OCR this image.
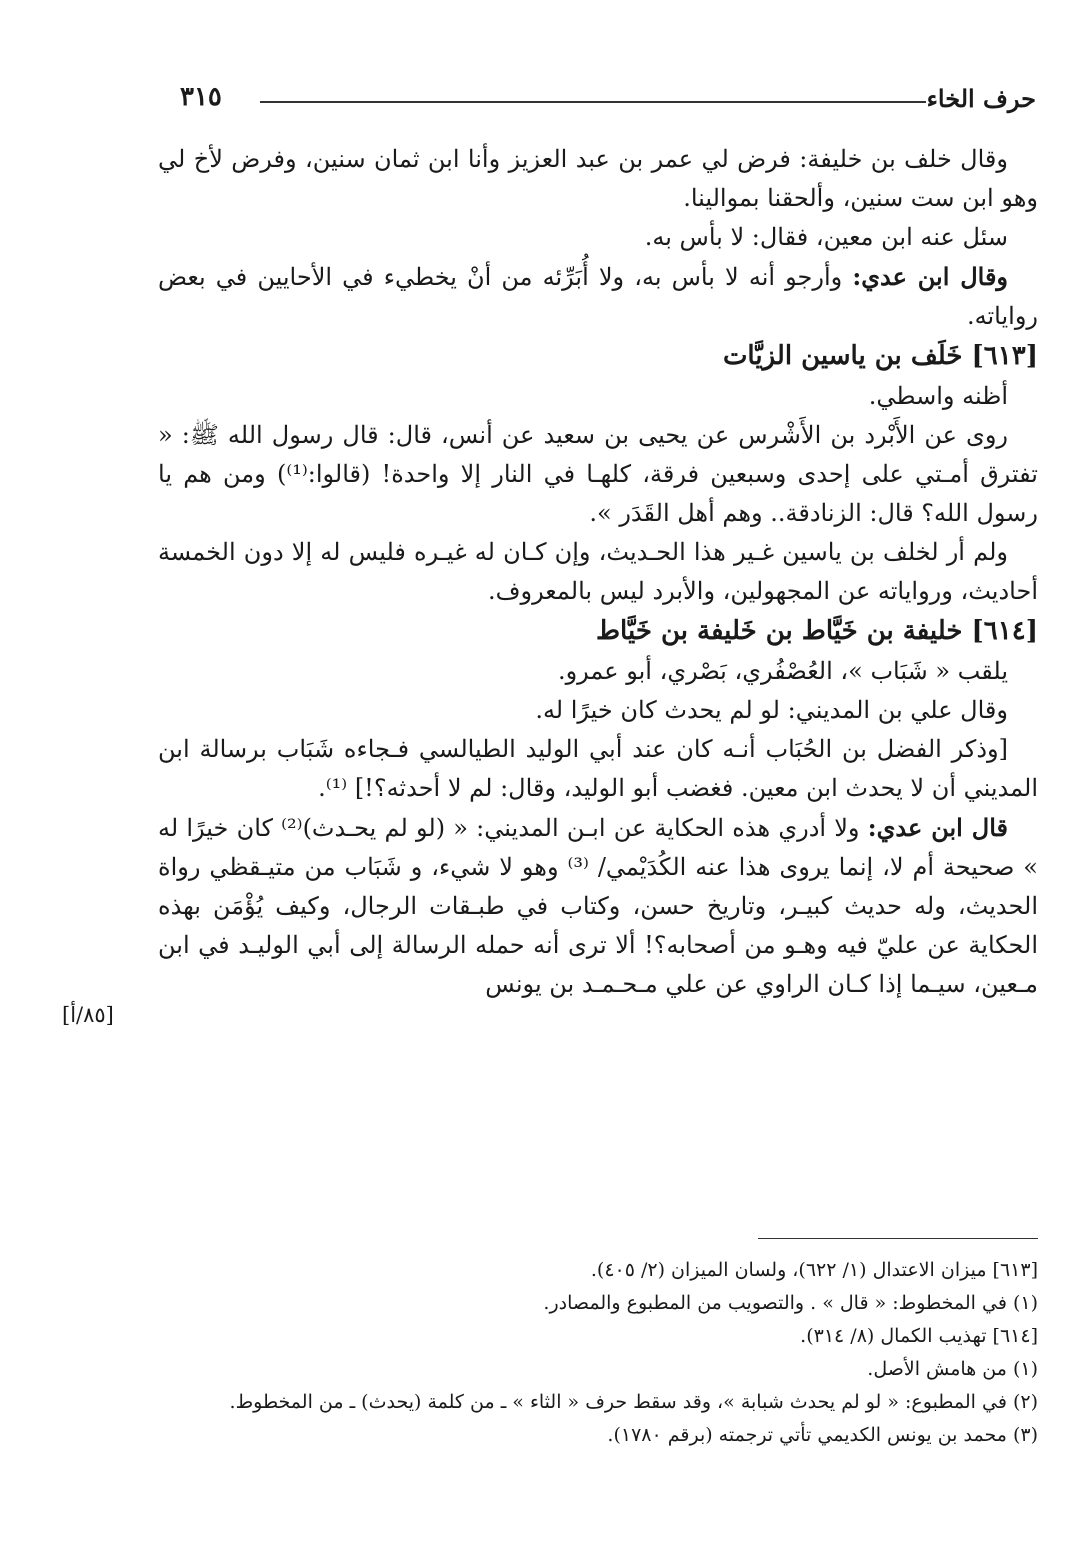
حرف الخاء
٣١٥

وقال خلف بن خليفة: فرض لي عمر بن عبد العزيز وأنا ابن ثمان سنين، وفرض لأخ لي وهو ابن ست سنين، وألحقنا بموالينا.

سئل عنه ابن معين، فقال: لا بأس به.

وقال ابن عدي: وأرجو أنه لا بأس به، ولا أُبَرِّئه من أنْ يخطيء في الأحايين في بعض رواياته.

[٦١٣] خَلَف بن ياسين الزيَّات

أظنه واسطي.

روى عن الأَبْرد بن الأَشْرس عن يحيى بن سعيد عن أنس، قال: قال رسول الله ﷺ: « تفترق أمـتي على إحدى وسبعين فرقة، كلهـا في النار إلا واحدة! (قالوا:⁽¹⁾) ومن هم يا رسول الله؟ قال: الزنادقة.. وهم أهل القَدَر ».

ولم أر لخلف بن ياسين غـير هذا الحـديث، وإن كـان له غيـره فليس له إلا دون الخمسة أحاديث، ورواياته عن المجهولين، والأبرد ليس بالمعروف.

[٦١٤] خليفة بن خَيَّاط بن خَليفة بن خَيَّاط

يلقب « شَبَاب »، العُصْفُري، بَصْري، أبو عمرو.

وقال علي بن المديني: لو لم يحدث كان خيرًا له.

[وذكر الفضل بن الحُبَاب أنـه كان عند أبي الوليد الطيالسي فـجاءه شَبَاب برسالة ابن المديني أن لا يحدث ابن معين. فغضب أبو الوليد، وقال: لم لا أحدثه؟!] ⁽¹⁾.

قال ابن عدي: ولا أدري هذه الحكاية عن ابـن المديني: « (لو لم يحـدث)⁽²⁾ كان خيرًا له » صحيحة أم لا، إنما يروى هذا عنه الكُدَيْمي/ ⁽³⁾ وهو لا شيء، و شَبَاب من متيـقظي رواة الحديث، وله حديث كبيـر، وتاريخ حسن، وكتاب في طبـقات الرجال، وكيف يُؤْمَن بهذه الحكاية عن عليّ فيه وهـو من أصحابه؟! ألا ترى أنه حمله الرسالة إلى أبي الوليـد في ابن مـعين، سيـما إذا كـان الراوي عن علي مـحـمـد بن يونس

[٨٥/أ]

[٦١٣] ميزان الاعتدال (١/ ٦٢٢)، ولسان الميزان (٢/ ٤٠٥).

(١) في المخطوط: « قال » . والتصويب من المطبوع والمصادر.

[٦١٤] تهذيب الكمال (٨/ ٣١٤).

(١) من هامش الأصل.

(٢) في المطبوع: « لو لم يحدث شبابة »، وقد سقط حرف « الثاء » ـ من كلمة (يحدث) ـ من المخطوط.

(٣) محمد بن يونس الكديمي تأتي ترجمته (برقم ١٧٨٠).
